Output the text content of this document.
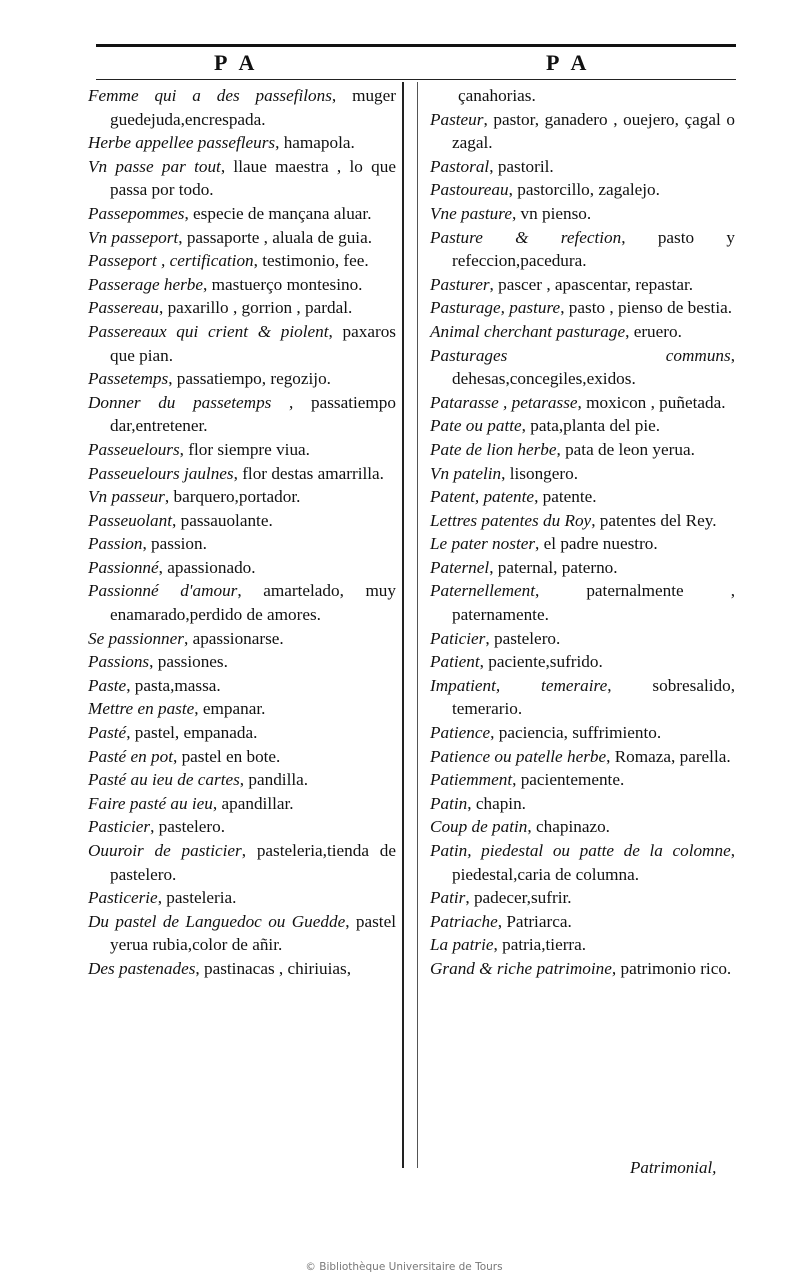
P A	P A

Femme qui a des passefilons, muger guedejuda,encrespada.

Herbe appellee passefleurs, hamapola.

Vn passe par tout, llaue maestra , lo que passa por todo.

Passepommes, especie de mançana aluar.

Vn passeport, passaporte , aluala de guia.

Passeport , certification, testimonio, fee.

Passerage herbe, mastuerço montesino.

Passereau, paxarillo , gorrion , pardal.

Passereaux qui crient & piolent, paxaros que pian.

Passetemps, passatiempo, regozijo.

Donner du passetemps , passatiempo dar,entretener.

Passeuelours, flor siempre viua.

Passeuelours jaulnes, flor destas amarrilla.

Vn passeur, barquero,portador.

Passeuolant, passauolante.

Passion, passion.

Passionné, apassionado.

Passionné d'amour, amartelado, muy enamarado,perdido de amores.

Se passionner, apassionarse.

Passions, passiones.

Paste, pasta,massa.

Mettre en paste, empanar.

Pasté, pastel, empanada.

Pasté en pot, pastel en bote.

Pasté au ieu de cartes, pandilla.

Faire pasté au ieu, apandillar.

Pasticier, pastelero.

Ouuroir de pasticier, pasteleria,tienda de pastelero.

Pasticerie, pasteleria.

Du pastel de Languedoc ou Guedde, pastel yerua rubia,color de añir.

Des pastenades, pastinacas , chiriuias,

çanahorias.

Pasteur, pastor, ganadero , ouejero, çagal o zagal.

Pastoral, pastoril.

Pastoureau, pastorcillo, zagalejo.

Vne pasture, vn pienso.

Pasture & refection, pasto y refeccion,pacedura.

Pasturer, pascer , apascentar, repastar.

Pasturage, pasture, pasto , pienso de bestia.

Animal cherchant pasturage, eruero.

Pasturages communs, dehesas,concegiles,exidos.

Patarasse , petarasse, moxicon , puñetada.

Pate ou patte, pata,planta del pie.

Pate de lion herbe, pata de leon yerua.

Vn patelin, lisongero.

Patent, patente, patente.

Lettres patentes du Roy, patentes del Rey.

Le pater noster, el padre nuestro.

Paternel, paternal, paterno.

Paternellement, paternalmente , paternamente.

Paticier, pastelero.

Patient, paciente,sufrido.

Impatient, temeraire, sobresalido, temerario.

Patience, paciencia, suffrimiento.

Patience ou patelle herbe, Romaza, parella.

Patiemment, pacientemente.

Patin, chapin.

Coup de patin, chapinazo.

Patin, piedestal ou patte de la colomne, piedestal,caria de columna.

Patir, padecer,sufrir.

Patriache, Patriarca.

La patrie, patria,tierra.

Grand & riche patrimoine, patrimonio rico.

Patrimonial,
© Bibliothèque Universitaire de Tours
